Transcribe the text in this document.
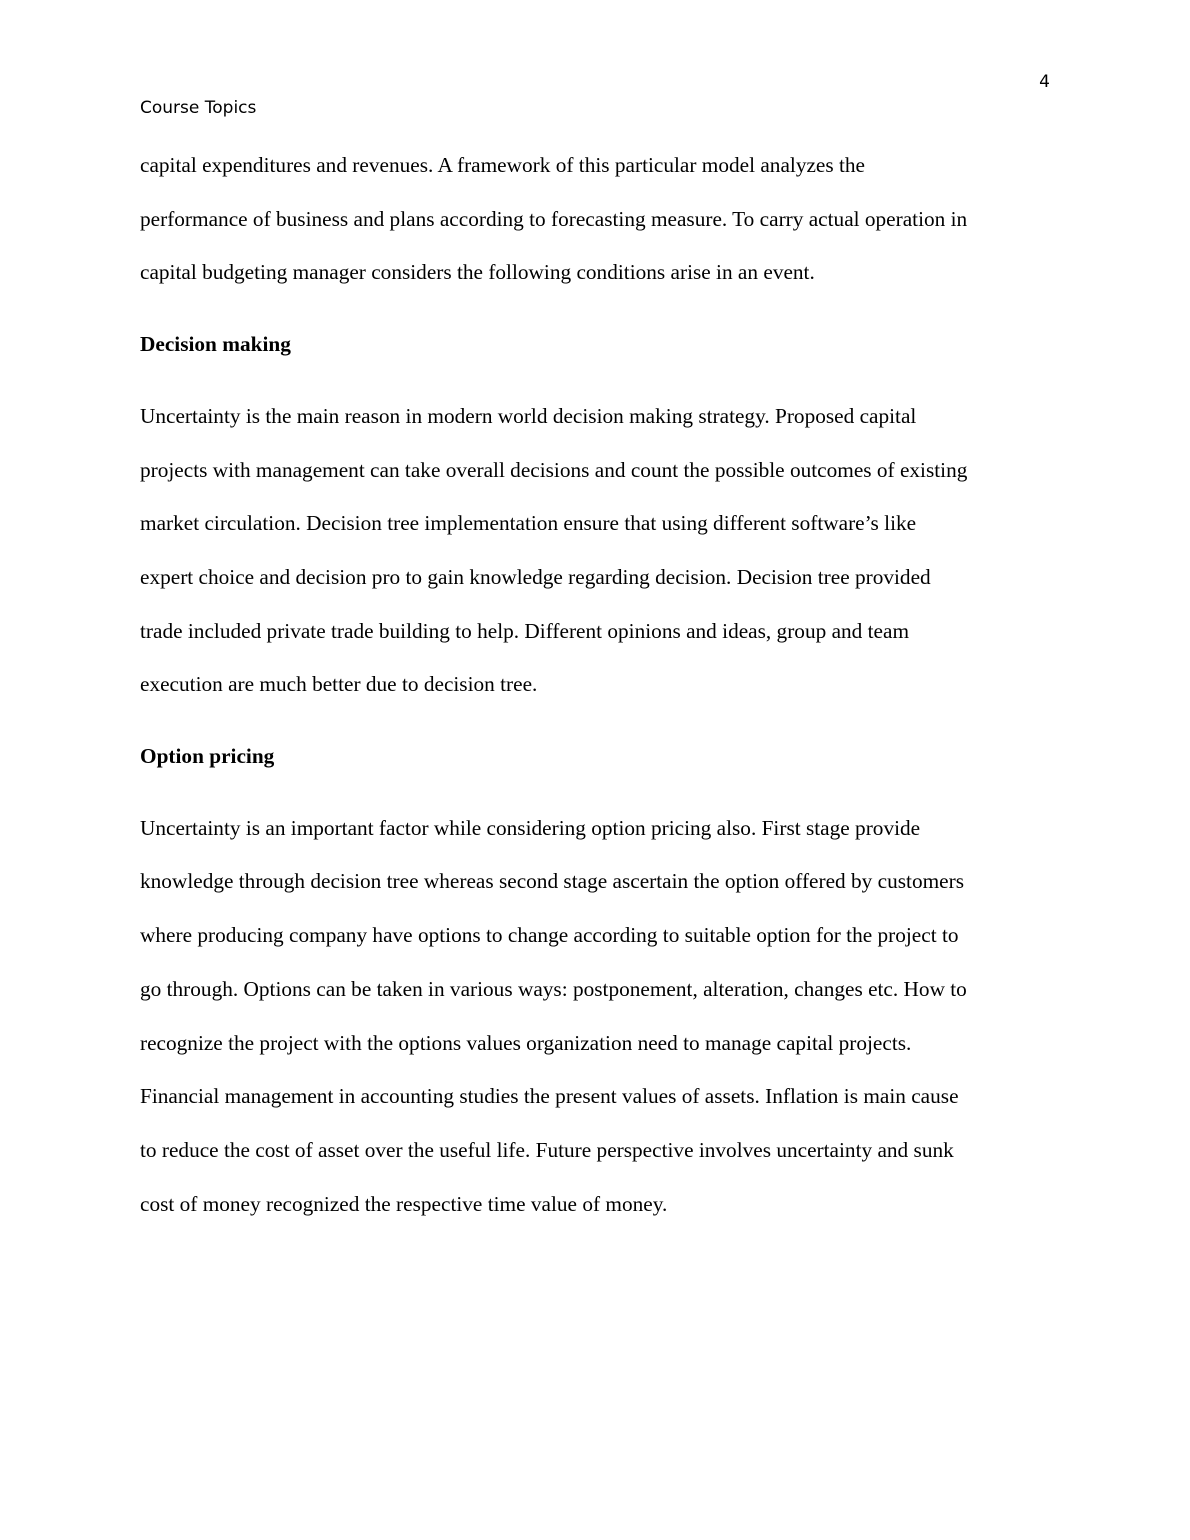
4
Course Topics
capital expenditures and revenues. A framework of this particular model analyzes the
performance of business and plans according to forecasting measure. To carry actual operation in
capital budgeting manager considers the following conditions arise in an event.
Decision making
Uncertainty is the main reason in modern world decision making strategy. Proposed capital
projects with management can take overall decisions and count the possible outcomes of existing
market circulation. Decision tree implementation ensure that using different software’s like
expert choice and decision pro to gain knowledge regarding decision. Decision tree provided
trade included private trade building to help. Different opinions and ideas, group and team
execution are much better due to decision tree.
Option pricing
Uncertainty is an important factor while considering option pricing also. First stage provide
knowledge through decision tree whereas second stage ascertain the option offered by customers
where producing company have options to change according to suitable option for the project to
go through. Options can be taken in various ways: postponement, alteration, changes etc. How to
recognize the project with the options values organization need to manage capital projects.
Financial management in accounting studies the present values of assets. Inflation is main cause
to reduce the cost of asset over the useful life. Future perspective involves uncertainty and sunk
cost of money recognized the respective time value of money.
